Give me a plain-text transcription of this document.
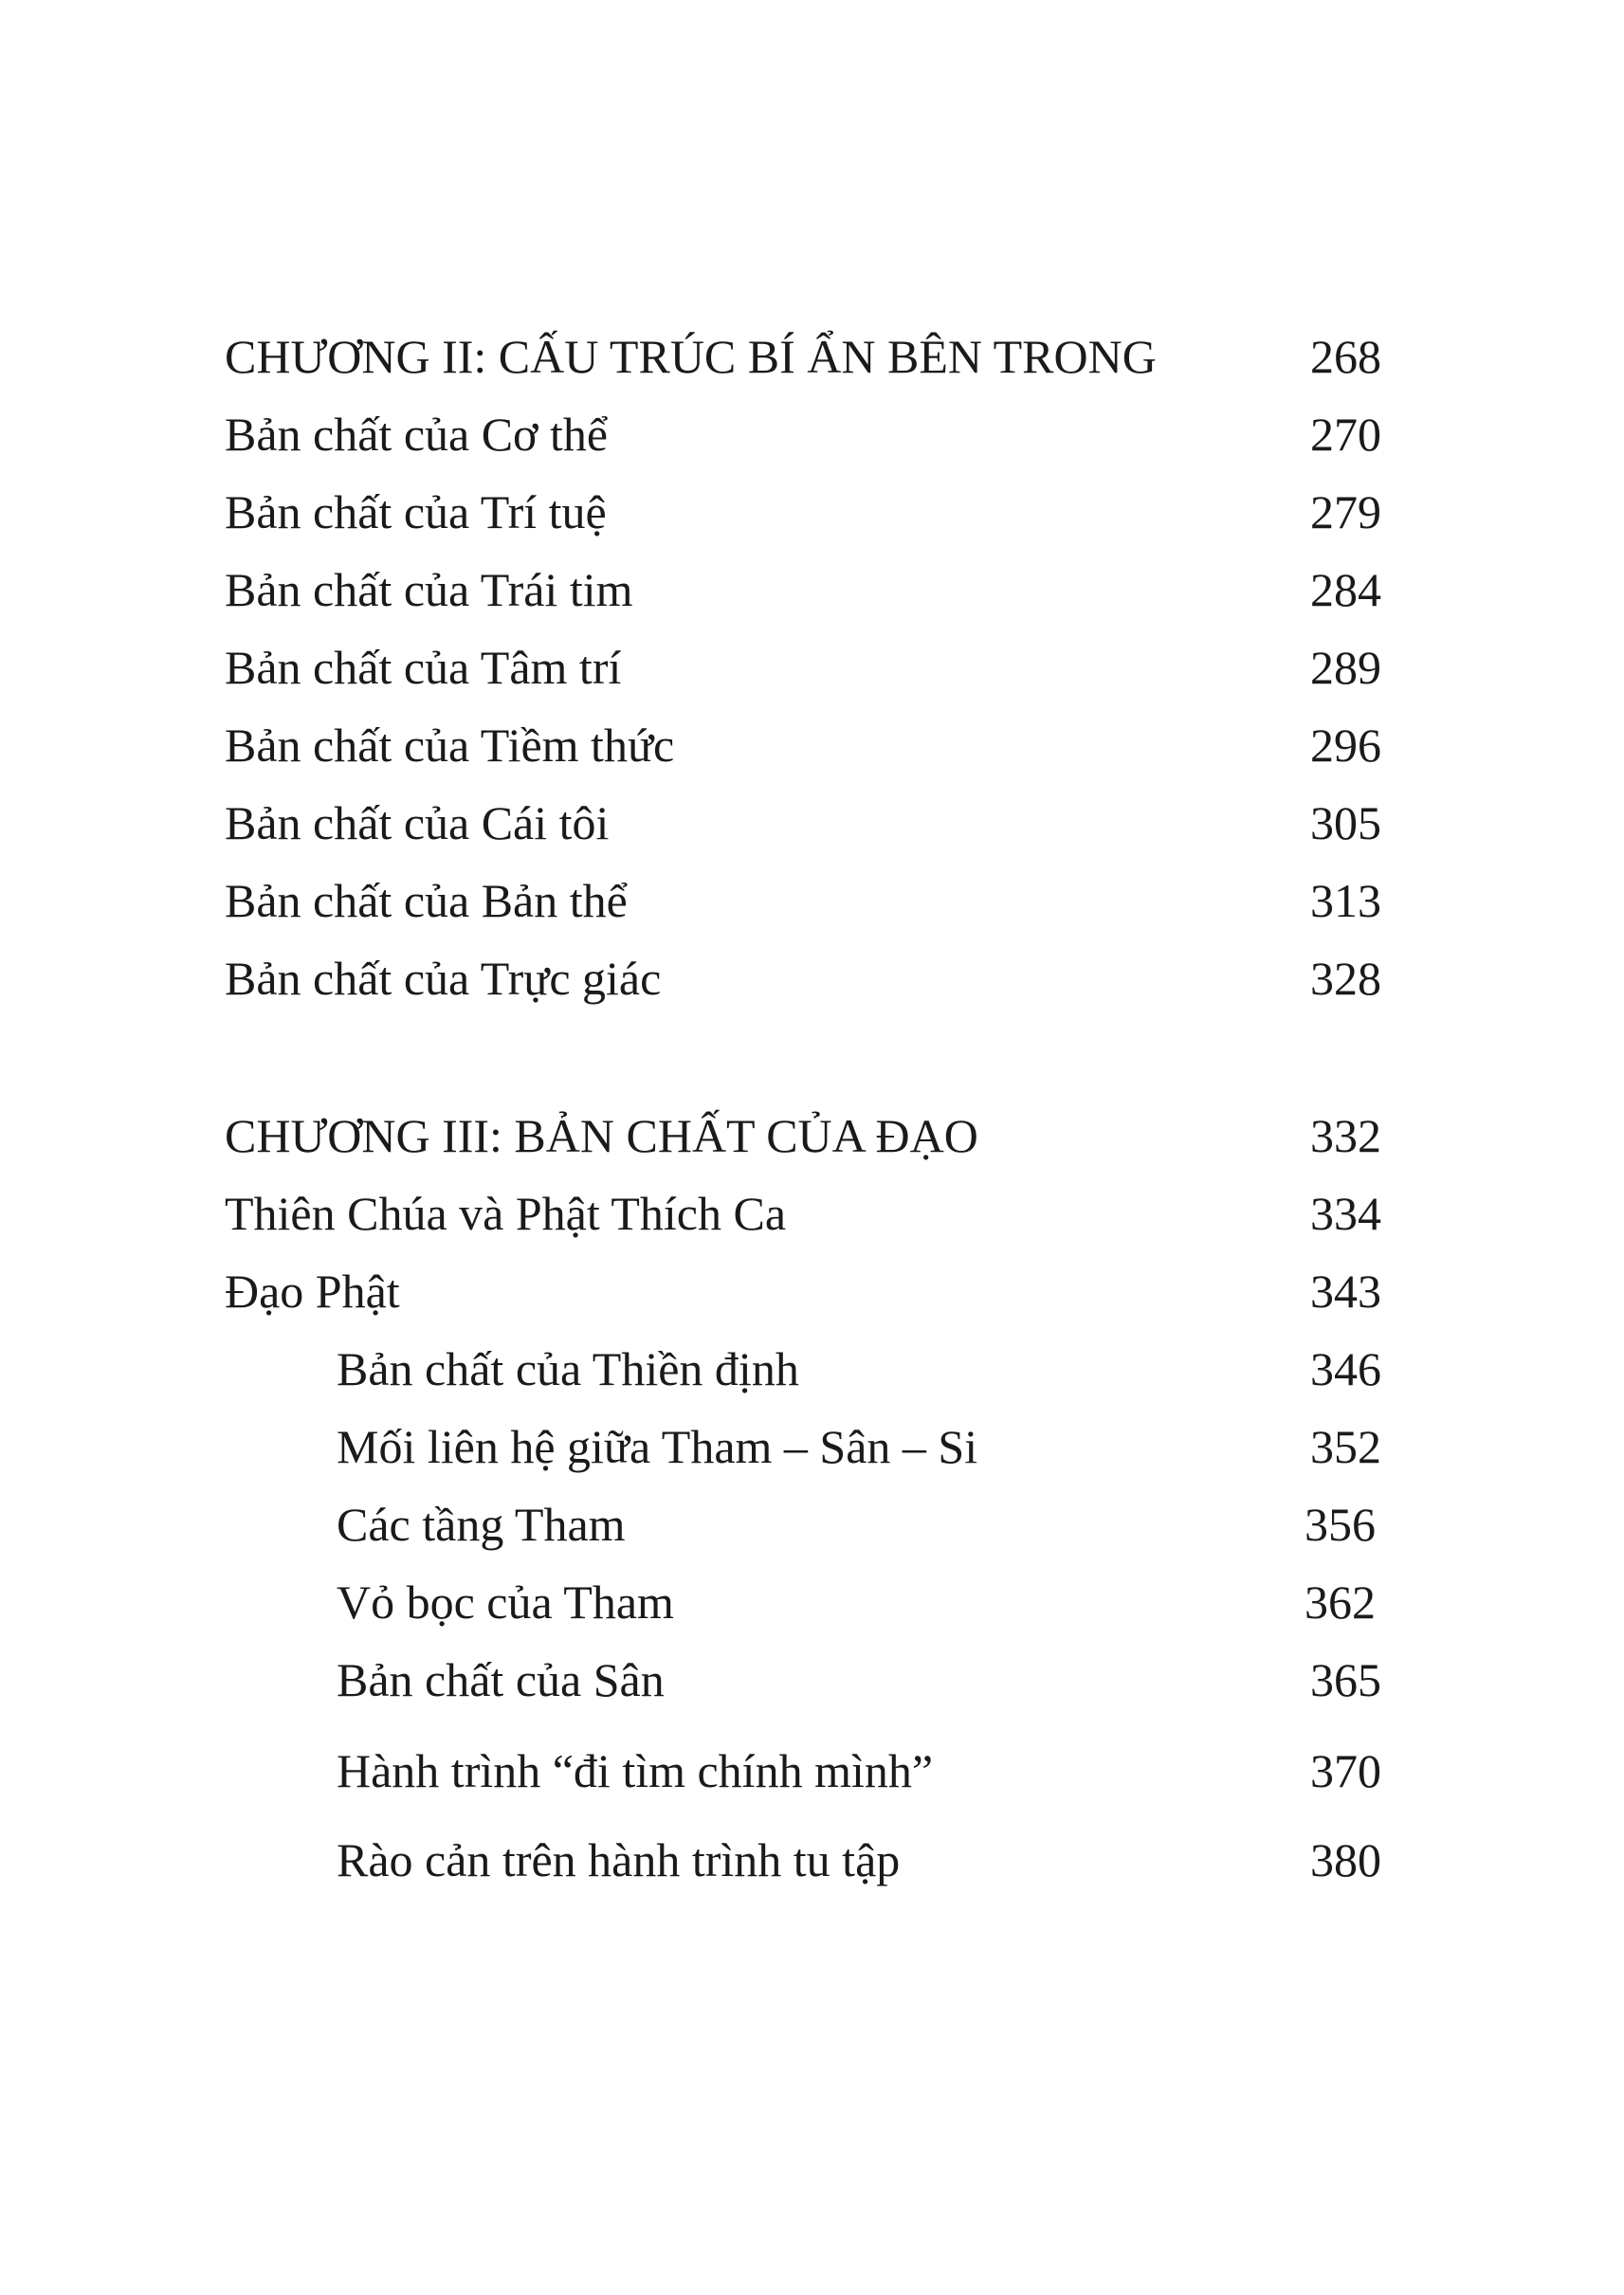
CHƯƠNG II: CẤU TRÚC BÍ ẨN BÊN TRONG	268
Bản chất của Cơ thể	270
Bản chất của Trí tuệ	279
Bản chất của Trái tim	284
Bản chất của Tâm trí	289
Bản chất của Tiềm thức	296
Bản chất của Cái tôi	305
Bản chất của Bản thể	313
Bản chất của Trực giác	328
CHƯƠNG III: BẢN CHẤT CỦA ĐẠO	332
Thiên Chúa và Phật Thích Ca	334
Đạo Phật	343
Bản chất của Thiền định	346
Mối liên hệ giữa Tham – Sân – Si	352
Các tầng Tham	356
Vỏ bọc của Tham	362
Bản chất của Sân	365
Hành trình “đi tìm chính mình”	370
Rào cản trên hành trình tu tập	380
